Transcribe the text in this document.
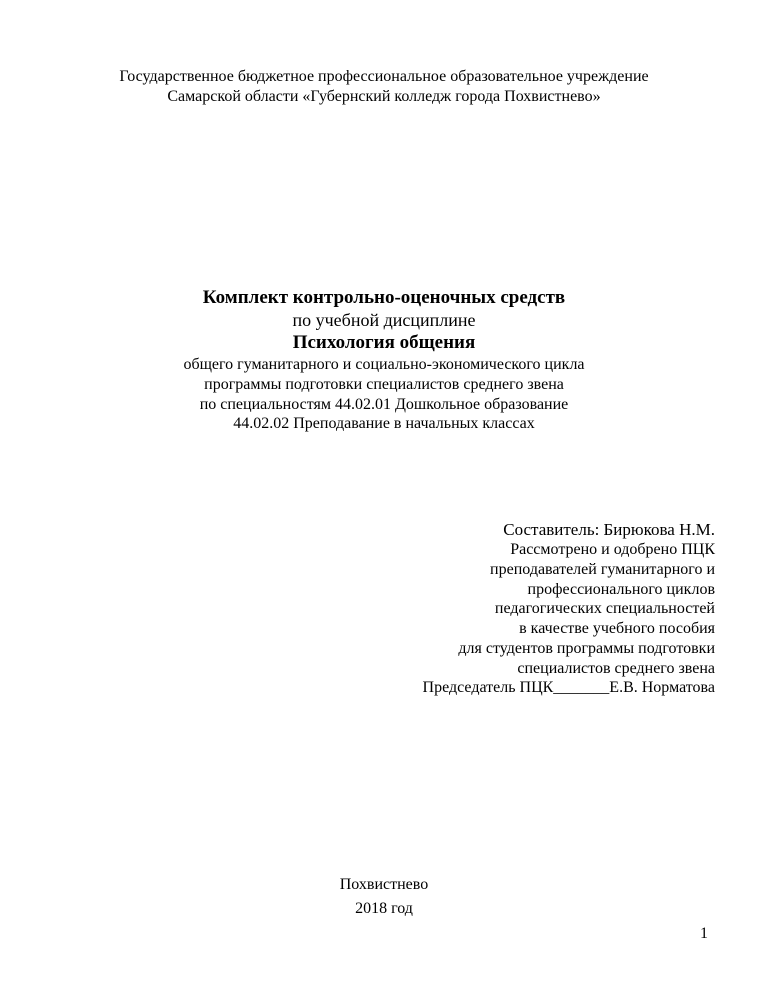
Государственное бюджетное профессиональное образовательное учреждение
Самарской области «Губернский колледж города Похвистнево»
Комплект контрольно-оценочных средств
по учебной дисциплине
Психология общения
общего гуманитарного и социально-экономического цикла
программы подготовки специалистов среднего звена
по специальностям 44.02.01 Дошкольное образование
44.02.02 Преподавание в начальных классах
Составитель: Бирюкова Н.М.
Рассмотрено и одобрено ПЦК
преподавателей гуманитарного и
профессионального циклов
педагогических специальностей
в качестве учебного пособия
для студентов программы подготовки
специалистов среднего звена
Председатель ПЦК_______Е.В. Норматова
Похвистнево
2018 год
1
